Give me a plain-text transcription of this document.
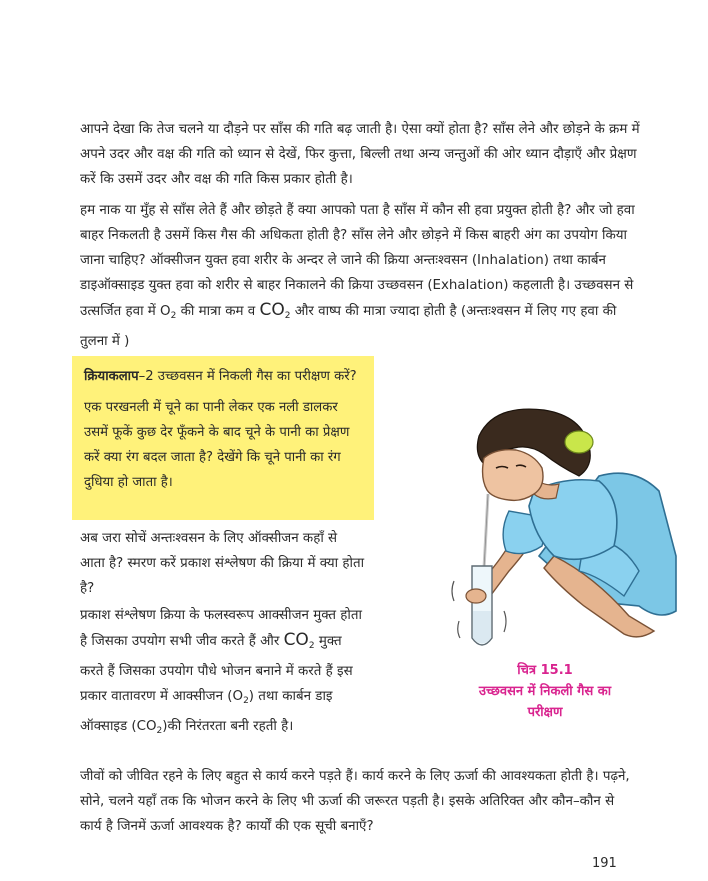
आपने देखा कि तेज चलने या दौड़ने पर साँस की गति बढ़ जाती है। ऐसा क्यों होता है? साँस लेने और छोड़ने के क्रम में अपने उदर और वक्ष की गति को ध्यान से देखें, फिर कुत्ता, बिल्ली तथा अन्य जन्तुओं की ओर ध्यान दौड़ाएँ और प्रेक्षण करें कि उसमें उदर और वक्ष की गति किस प्रकार होती है।

हम नाक या मुँह से साँस लेते हैं और छोड़ते हैं क्या आपको पता है साँस में कौन सी हवा प्रयुक्त होती है? और जो हवा बाहर निकलती है उसमें किस गैस की अधिकता होती है? साँस लेने और छोड़ने में किस बाहरी अंग का उपयोग किया जाना चाहिए? ऑक्सीजन युक्त हवा शरीर के अन्दर ले जाने की क्रिया अन्तःश्वसन (Inhalation) तथा कार्बन डाइऑक्साइड युक्त हवा को शरीर से बाहर निकालने की क्रिया उच्छवसन (Exhalation) कहलाती है। उच्छवसन से उत्सर्जित हवा में $O_2$ की मात्रा कम व $CO_2$ और वाष्प की मात्रा ज्यादा होती है (अन्तःश्वसन में लिए गए हवा की तुलना में )

क्रियाकलाप–2 उच्छवसन में निकली गैस का परीक्षण करें?

एक परखनली में चूने का पानी लेकर एक नली डालकर उसमें फूकें कुछ देर फूँकने के बाद चूने के पानी का प्रेक्षण करें क्या रंग बदल जाता है? देखेंगे कि चूने पानी का रंग दुधिया हो जाता है।

अब जरा सोचें अन्तःश्वसन के लिए ऑक्सीजन कहाँ से आता है? स्मरण करें प्रकाश संश्लेषण की क्रिया में क्या होता है?

प्रकाश संश्लेषण क्रिया के फलस्वरूप आक्सीजन मुक्त होता है जिसका उपयोग सभी जीव करते हैं और $CO_2$ मुक्त करते हैं जिसका उपयोग पौधे भोजन बनाने में करते हैं इस प्रकार वातावरण में आक्सीजन $(O_2)$ तथा कार्बन डाइ ऑक्साइड $(CO_2)की$ निरंतरता बनी रहती है।

चित्र 15.1
उच्छवसन में निकली गैस का परीक्षण

जीवों को जीवित रहने के लिए बहुत से कार्य करने पड़ते हैं। कार्य करने के लिए ऊर्जा की आवश्यकता होती है। पढ़ने, सोने, चलने यहाँ तक कि भोजन करने के लिए भी ऊर्जा की जरूरत पड़ती है। इसके अतिरिक्त और कौन–कौन से कार्य है जिनमें ऊर्जा आवश्यक है? कार्यों की एक सूची बनाएँ?

191
